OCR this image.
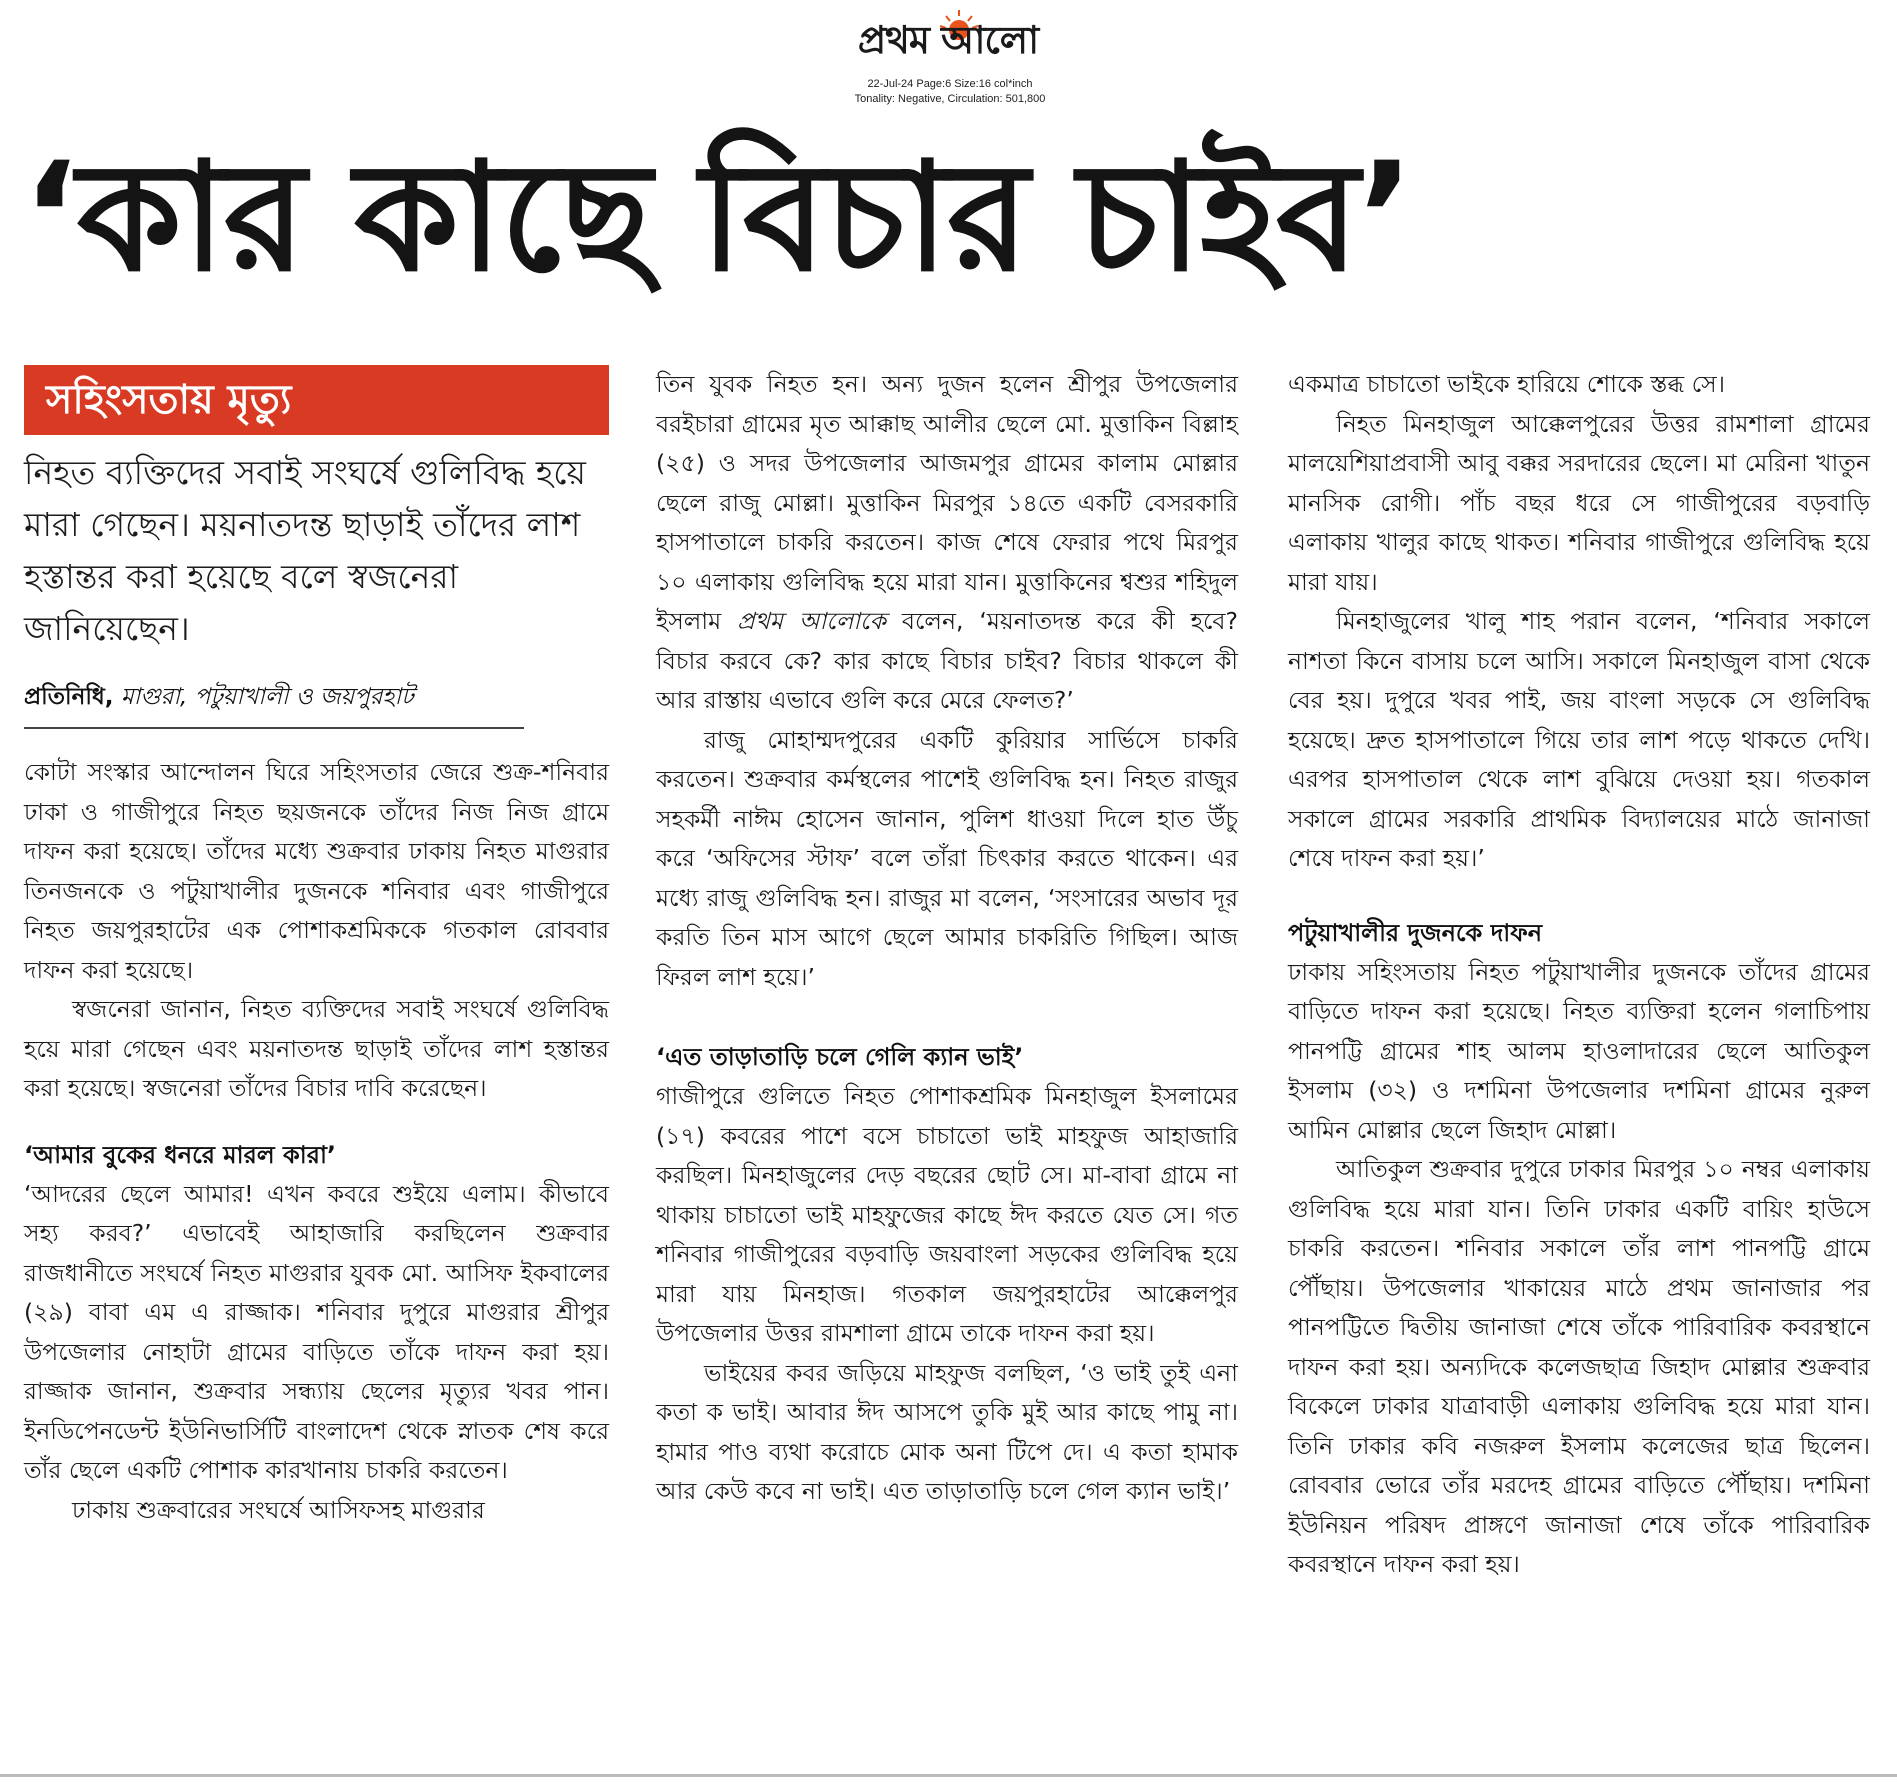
প্রথম আলো
22-Jul-24 Page:6 Size:16 col*inch
Tonality: Negative, Circulation: 501,800
‘কার কাছে বিচার চাইব’
সহিংসতায় মৃত্যু
নিহত ব্যক্তিদের সবাই সংঘর্ষে গুলিবিদ্ধ হয়ে মারা গেছেন। ময়নাতদন্ত ছাড়াই তাঁদের লাশ হস্তান্তর করা হয়েছে বলে স্বজনেরা জানিয়েছেন।
প্রতিনিধি, মাগুরা, পটুয়াখালী ও জয়পুরহাট

কোটা সংস্কার আন্দোলন ঘিরে সহিংসতার জেরে শুক্র-শনিবার ঢাকা ও গাজীপুরে নিহত ছয়জনকে তাঁদের নিজ নিজ গ্রামে দাফন করা হয়েছে। তাঁদের মধ্যে শুক্রবার ঢাকায় নিহত মাগুরার তিনজনকে ও পটুয়াখালীর দুজনকে শনিবার এবং গাজীপুরে নিহত জয়পুরহাটের এক পোশাকশ্রমিককে গতকাল রোববার দাফন করা হয়েছে।

স্বজনেরা জানান, নিহত ব্যক্তিদের সবাই সংঘর্ষে গুলিবিদ্ধ হয়ে মারা গেছেন এবং ময়নাতদন্ত ছাড়াই তাঁদের লাশ হস্তান্তর করা হয়েছে। স্বজনেরা তাঁদের বিচার দাবি করেছেন।

‘আমার বুকের ধনরে মারল কারা’

‘আদরের ছেলে আমার! এখন কবরে শুইয়ে এলাম। কীভাবে সহ্য করব?’ এভাবেই আহাজারি করছিলেন শুক্রবার রাজধানীতে সংঘর্ষে নিহত মাগুরার যুবক মো. আসিফ ইকবালের (২৯) বাবা এম এ রাজ্জাক। শনিবার দুপুরে মাগুরার শ্রীপুর উপজেলার নোহাটা গ্রামের বাড়িতে তাঁকে দাফন করা হয়। রাজ্জাক জানান, শুক্রবার সন্ধ্যায় ছেলের মৃত্যুর খবর পান। ইনডিপেনডেন্ট ইউনিভার্সিটি বাংলাদেশ থেকে স্নাতক শেষ করে তাঁর ছেলে একটি পোশাক কারখানায় চাকরি করতেন।

ঢাকায় শুক্রবারের সংঘর্ষে আসিফসহ মাগুরার

তিন যুবক নিহত হন। অন্য দুজন হলেন শ্রীপুর উপজেলার বরইচারা গ্রামের মৃত আক্কাছ আলীর ছেলে মো. মুত্তাকিন বিল্লাহ (২৫) ও সদর উপজেলার আজমপুর গ্রামের কালাম মোল্লার ছেলে রাজু মোল্লা। মুত্তাকিন মিরপুর ১৪তে একটি বেসরকারি হাসপাতালে চাকরি করতেন। কাজ শেষে ফেরার পথে মিরপুর ১০ এলাকায় গুলিবিদ্ধ হয়ে মারা যান। মুত্তাকিনের শ্বশুর শহিদুল ইসলাম প্রথম আলোকে বলেন, ‘ময়নাতদন্ত করে কী হবে? বিচার করবে কে? কার কাছে বিচার চাইব? বিচার থাকলে কী আর রাস্তায় এভাবে গুলি করে মেরে ফেলত?’

রাজু মোহাম্মদপুরের একটি কুরিয়ার সার্ভিসে চাকরি করতেন। শুক্রবার কর্মস্থলের পাশেই গুলিবিদ্ধ হন। নিহত রাজুর সহকর্মী নাঈম হোসেন জানান, পুলিশ ধাওয়া দিলে হাত উঁচু করে ‘অফিসের স্টাফ’ বলে তাঁরা চিৎকার করতে থাকেন। এর মধ্যে রাজু গুলিবিদ্ধ হন। রাজুর মা বলেন, ‘সংসারের অভাব দূর করতি তিন মাস আগে ছেলে আমার চাকরিতি গিছিল। আজ ফিরল লাশ হয়ে।’

‘এত তাড়াতাড়ি চলে গেলি ক্যান ভাই’

গাজীপুরে গুলিতে নিহত পোশাকশ্রমিক মিনহাজুল ইসলামের (১৭) কবরের পাশে বসে চাচাতো ভাই মাহফুজ আহাজারি করছিল। মিনহাজুলের দেড় বছরের ছোট সে। মা-বাবা গ্রামে না থাকায় চাচাতো ভাই মাহফুজের কাছে ঈদ করতে যেত সে। গত শনিবার গাজীপুরের বড়বাড়ি জয়বাংলা সড়কের গুলিবিদ্ধ হয়ে মারা যায় মিনহাজ। গতকাল জয়পুরহাটের আক্কেলপুর উপজেলার উত্তর রামশালা গ্রামে তাকে দাফন করা হয়।

ভাইয়ের কবর জড়িয়ে মাহফুজ বলছিল, ‘ও ভাই তুই এনা কতা ক ভাই। আবার ঈদ আসপে তুকি মুই আর কাছে পামু না। হামার পাও ব্যথা করোচে মোক অনা টিপে দে। এ কতা হামাক আর কেউ কবে না ভাই। এত তাড়াতাড়ি চলে গেল ক্যান ভাই।’

একমাত্র চাচাতো ভাইকে হারিয়ে শোকে স্তব্ধ সে।

নিহত মিনহাজুল আক্কেলপুরের উত্তর রামশালা গ্রামের মালয়েশিয়াপ্রবাসী আবু বক্কর সরদারের ছেলে। মা মেরিনা খাতুন মানসিক রোগী। পাঁচ বছর ধরে সে গাজীপুরের বড়বাড়ি এলাকায় খালুর কাছে থাকত। শনিবার গাজীপুরে গুলিবিদ্ধ হয়ে মারা যায়।

মিনহাজুলের খালু শাহ পরান বলেন, ‘শনিবার সকালে নাশতা কিনে বাসায় চলে আসি। সকালে মিনহাজুল বাসা থেকে বের হয়। দুপুরে খবর পাই, জয় বাংলা সড়কে সে গুলিবিদ্ধ হয়েছে। দ্রুত হাসপাতালে গিয়ে তার লাশ পড়ে থাকতে দেখি। এরপর হাসপাতাল থেকে লাশ বুঝিয়ে দেওয়া হয়। গতকাল সকালে গ্রামের সরকারি প্রাথমিক বিদ্যালয়ের মাঠে জানাজা শেষে দাফন করা হয়।’

পটুয়াখালীর দুজনকে দাফন

ঢাকায় সহিংসতায় নিহত পটুয়াখালীর দুজনকে তাঁদের গ্রামের বাড়িতে দাফন করা হয়েছে। নিহত ব্যক্তিরা হলেন গলাচিপায় পানপট্টি গ্রামের শাহ আলম হাওলাদারের ছেলে আতিকুল ইসলাম (৩২) ও দশমিনা উপজেলার দশমিনা গ্রামের নুরুল আমিন মোল্লার ছেলে জিহাদ মোল্লা।

আতিকুল শুক্রবার দুপুরে ঢাকার মিরপুর ১০ নম্বর এলাকায় গুলিবিদ্ধ হয়ে মারা যান। তিনি ঢাকার একটি বায়িং হাউসে চাকরি করতেন। শনিবার সকালে তাঁর লাশ পানপট্টি গ্রামে পৌঁছায়। উপজেলার খাকায়ের মাঠে প্রথম জানাজার পর পানপট্টিতে দ্বিতীয় জানাজা শেষে তাঁকে পারিবারিক কবরস্থানে দাফন করা হয়। অন্যদিকে কলেজছাত্র জিহাদ মোল্লার শুক্রবার বিকেলে ঢাকার যাত্রাবাড়ী এলাকায় গুলিবিদ্ধ হয়ে মারা যান। তিনি ঢাকার কবি নজরুল ইসলাম কলেজের ছাত্র ছিলেন। রোববার ভোরে তাঁর মরদেহ গ্রামের বাড়িতে পৌঁছায়। দশমিনা ইউনিয়ন পরিষদ প্রাঙ্গণে জানাজা শেষে তাঁকে পারিবারিক কবরস্থানে দাফন করা হয়।
